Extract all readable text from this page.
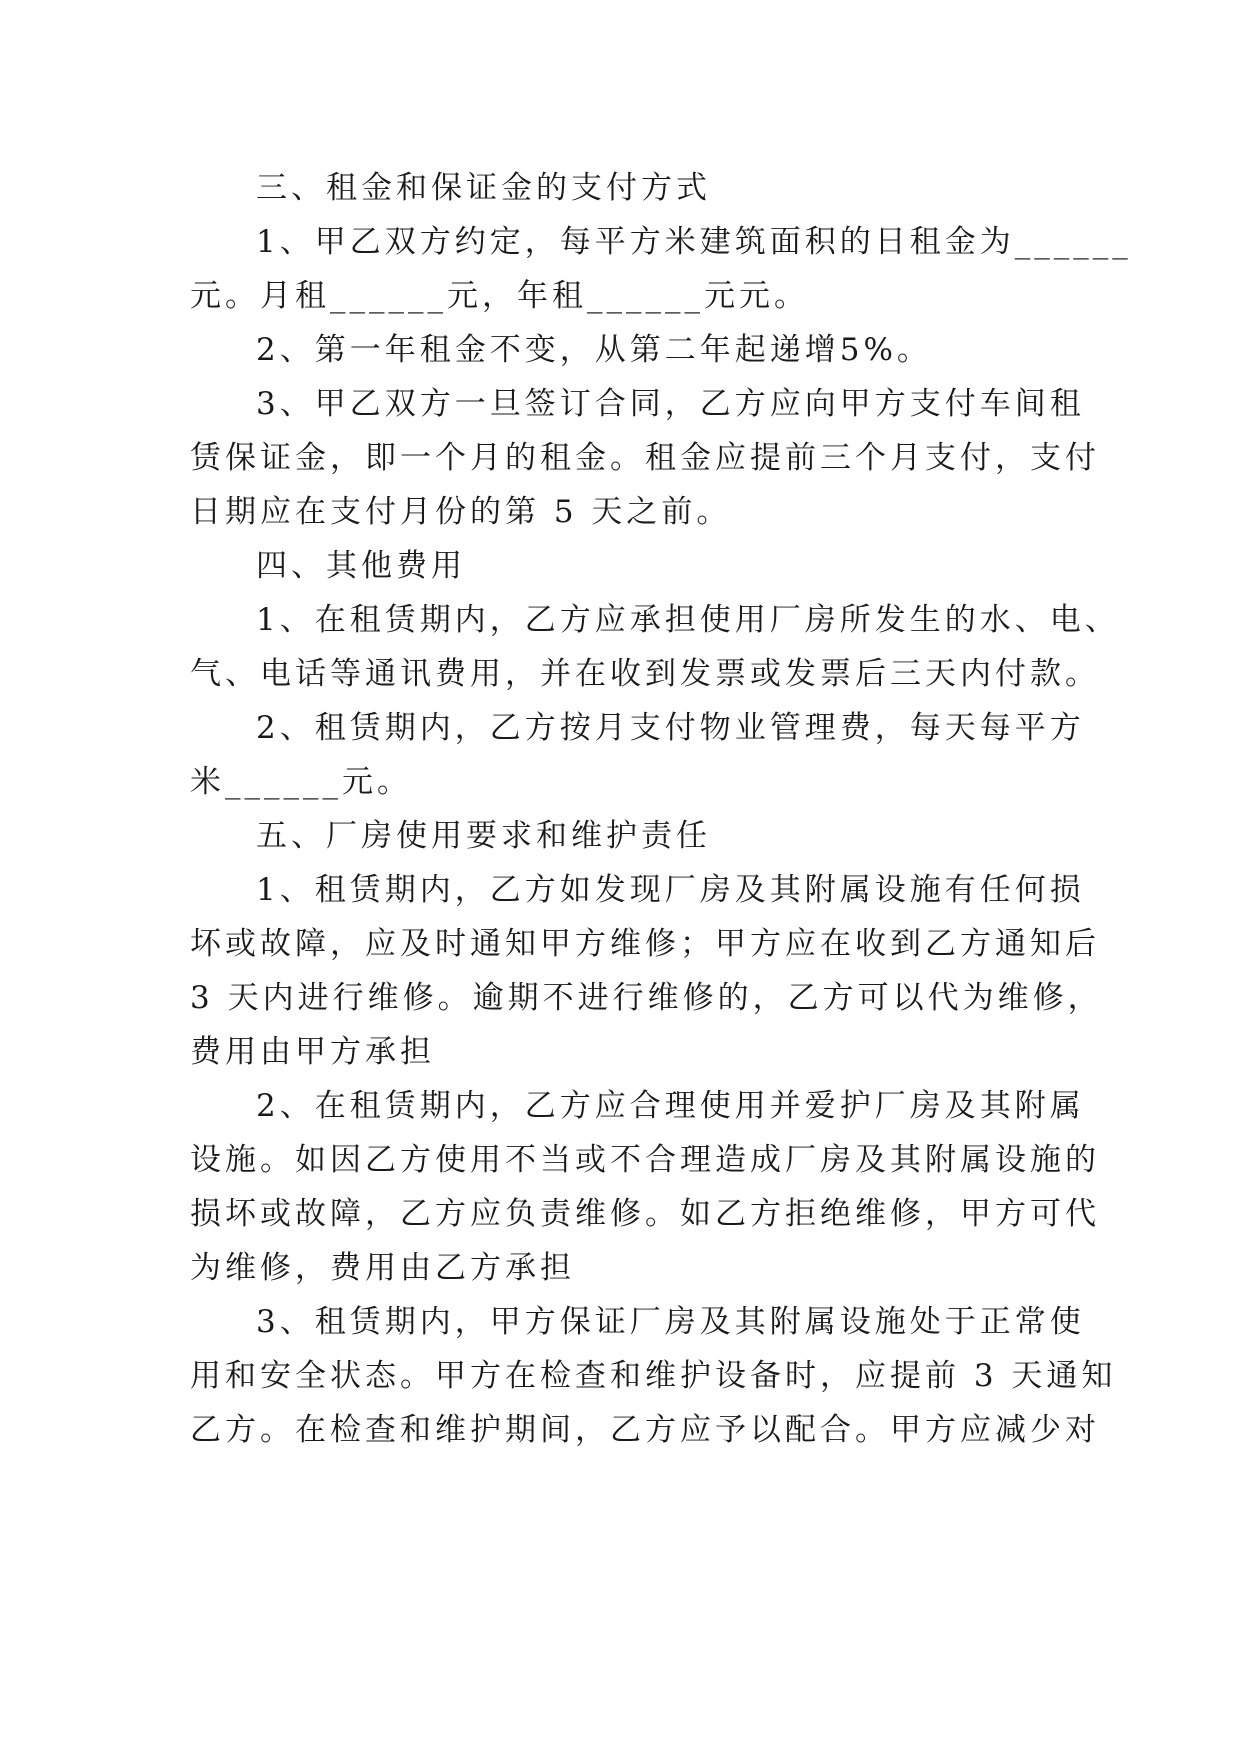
三、租金和保证金的支付方式
1、甲乙双方约定，每平方米建筑面积的日租金为______
元。月租______元，年租______元元。
2、第一年租金不变，从第二年起递增5%。
3、甲乙双方一旦签订合同，乙方应向甲方支付车间租
赁保证金，即一个月的租金。租金应提前三个月支付，支付
日期应在支付月份的第 5 天之前。
四、其他费用
1、在租赁期内，乙方应承担使用厂房所发生的水、电、
气、电话等通讯费用，并在收到发票或发票后三天内付款。
2、租赁期内，乙方按月支付物业管理费，每天每平方
米______元。
五、厂房使用要求和维护责任
1、租赁期内，乙方如发现厂房及其附属设施有任何损
坏或故障，应及时通知甲方维修；甲方应在收到乙方通知后
3 天内进行维修。逾期不进行维修的，乙方可以代为维修，
费用由甲方承担
2、在租赁期内，乙方应合理使用并爱护厂房及其附属
设施。如因乙方使用不当或不合理造成厂房及其附属设施的
损坏或故障，乙方应负责维修。如乙方拒绝维修，甲方可代
为维修，费用由乙方承担
3、租赁期内，甲方保证厂房及其附属设施处于正常使
用和安全状态。甲方在检查和维护设备时，应提前 3 天通知
乙方。在检查和维护期间，乙方应予以配合。甲方应减少对
